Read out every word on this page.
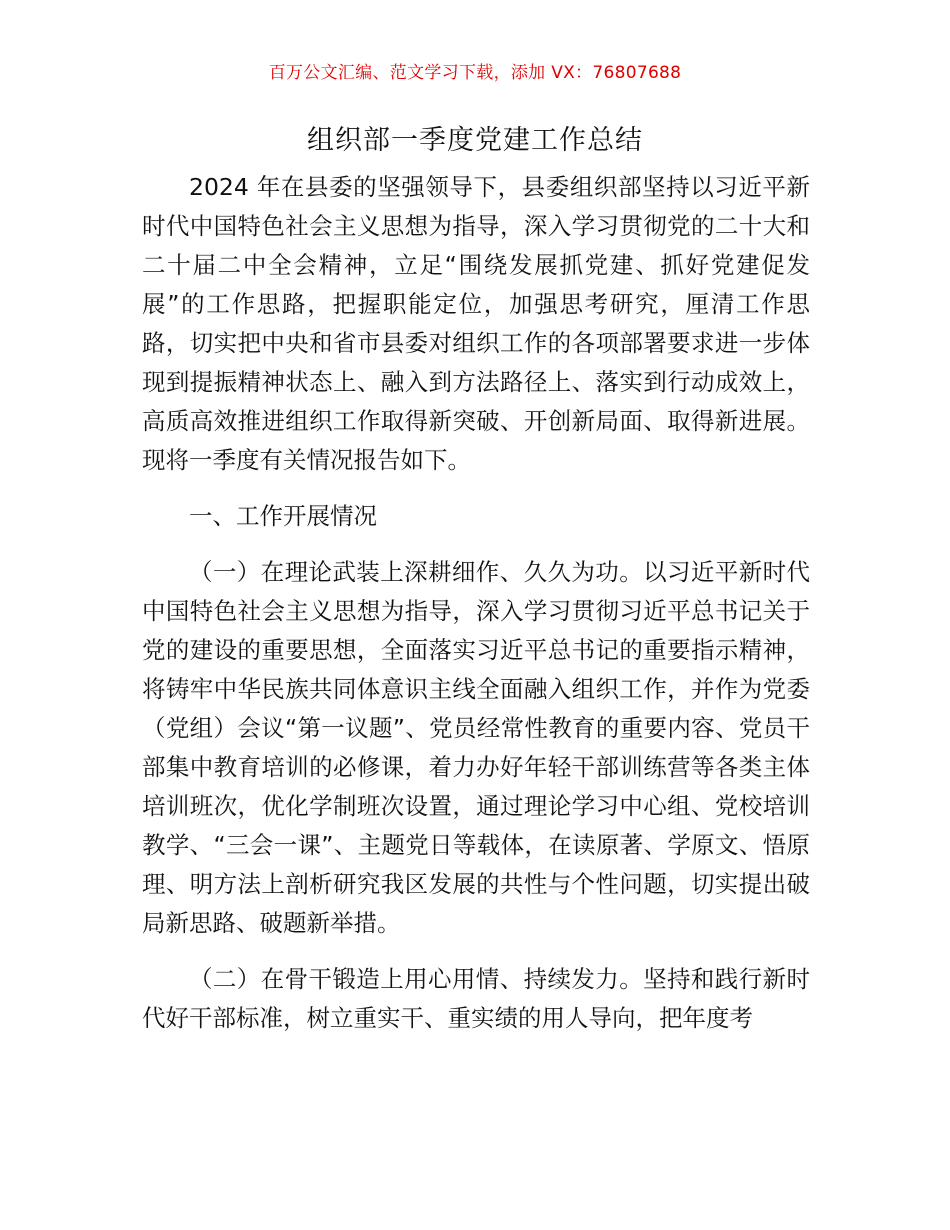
百万公文汇编、范文学习下载，添加 VX：76807688
组织部一季度党建工作总结

2024 年在县委的坚强领导下，县委组织部坚持以习近平新时代中国特色社会主义思想为指导，深入学习贯彻党的二十大和二十届二中全会精神，立足“围绕发展抓党建、抓好党建促发展”的工作思路，把握职能定位，加强思考研究，厘清工作思路，切实把中央和省市县委对组织工作的各项部署要求进一步体现到提振精神状态上、融入到方法路径上、落实到行动成效上，高质高效推进组织工作取得新突破、开创新局面、取得新进展。现将一季度有关情况报告如下。

一、工作开展情况

（一）在理论武装上深耕细作、久久为功。以习近平新时代中国特色社会主义思想为指导，深入学习贯彻习近平总书记关于党的建设的重要思想，全面落实习近平总书记的重要指示精神，将铸牢中华民族共同体意识主线全面融入组织工作，并作为党委（党组）会议“第一议题”、党员经常性教育的重要内容、党员干部集中教育培训的必修课，着力办好年轻干部训练营等各类主体培训班次，优化学制班次设置，通过理论学习中心组、党校培训教学、“三会一课”、主题党日等载体，在读原著、学原文、悟原理、明方法上剖析研究我区发展的共性与个性问题，切实提出破局新思路、破题新举措。

（二）在骨干锻造上用心用情、持续发力。坚持和践行新时代好干部标准，树立重实干、重实绩的用人导向，把年度考
